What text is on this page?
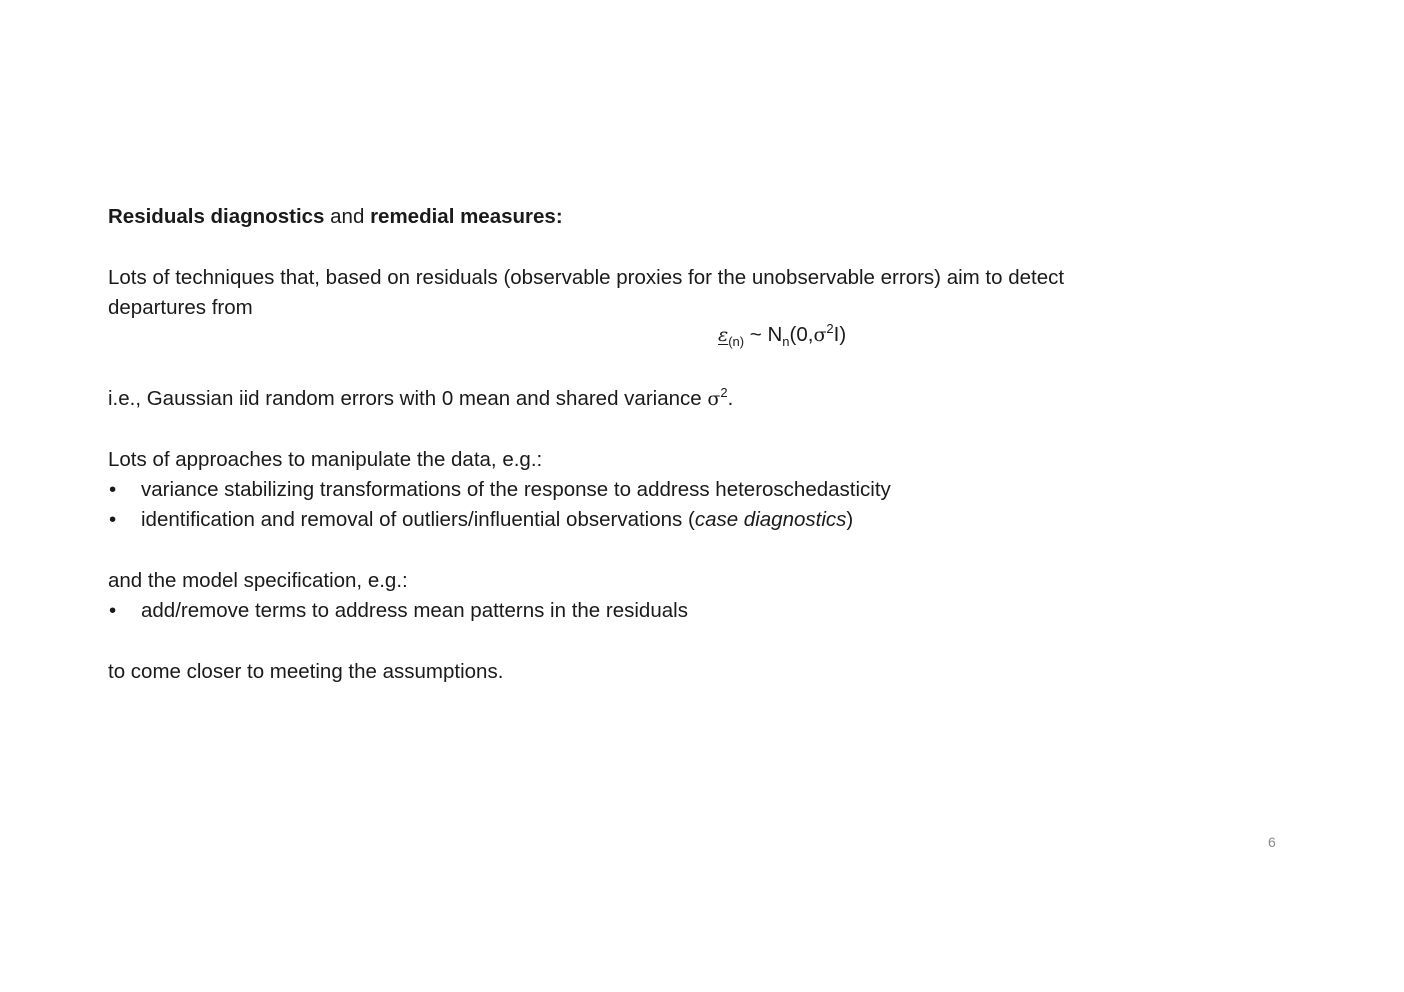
Residuals diagnostics and remedial measures:
Lots of techniques that, based on residuals (observable proxies for the unobservable errors) aim to detect
departures from
$\varepsilon_{(n)}$ ~ $N_n(0,\sigma^2I)$
i.e., Gaussian iid random errors with 0 mean and shared variance $\sigma^2$.
Lots of approaches to manipulate the data, e.g.:
•	variance stabilizing transformations of the response to address heteroschedasticity
•	identification and removal of outliers/influential observations (case diagnostics)
and the model specification, e.g.:
•	add/remove terms to address mean patterns in the residuals
to come closer to meeting the assumptions.
6
